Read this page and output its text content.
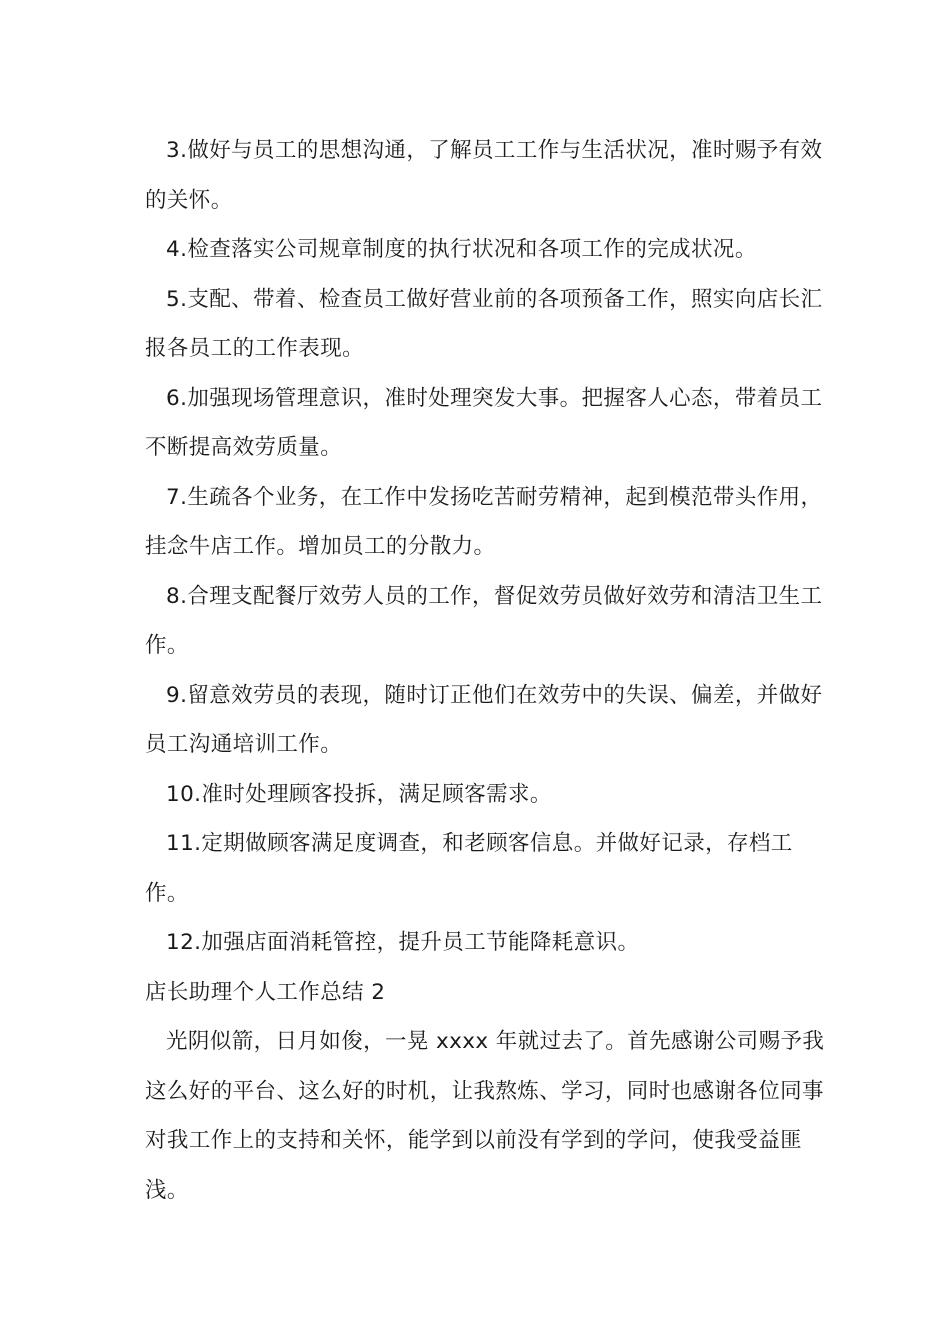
3.做好与员工的思想沟通，了解员工工作与生活状况，准时赐予有效的关怀。

4.检查落实公司规章制度的执行状况和各项工作的完成状况。

5.支配、带着、检查员工做好营业前的各项预备工作，照实向店长汇报各员工的工作表现。

6.加强现场管理意识，准时处理突发大事。把握客人心态，带着员工不断提高效劳质量。

7.生疏各个业务，在工作中发扬吃苦耐劳精神，起到模范带头作用，挂念牛店工作。增加员工的分散力。

8.合理支配餐厅效劳人员的工作，督促效劳员做好效劳和清洁卫生工作。

9.留意效劳员的表现，随时订正他们在效劳中的失误、偏差，并做好员工沟通培训工作。

10.准时处理顾客投拆，满足顾客需求。

11.定期做顾客满足度调查，和老顾客信息。并做好记录，存档工作。

12.加强店面消耗管控，提升员工节能降耗意识。

店长助理个人工作总结 2

光阴似箭，日月如俊，一晃 xxxx 年就过去了。首先感谢公司赐予我这么好的平台、这么好的时机，让我熬炼、学习，同时也感谢各位同事对我工作上的支持和关怀，能学到以前没有学到的学问，使我受益匪浅。
